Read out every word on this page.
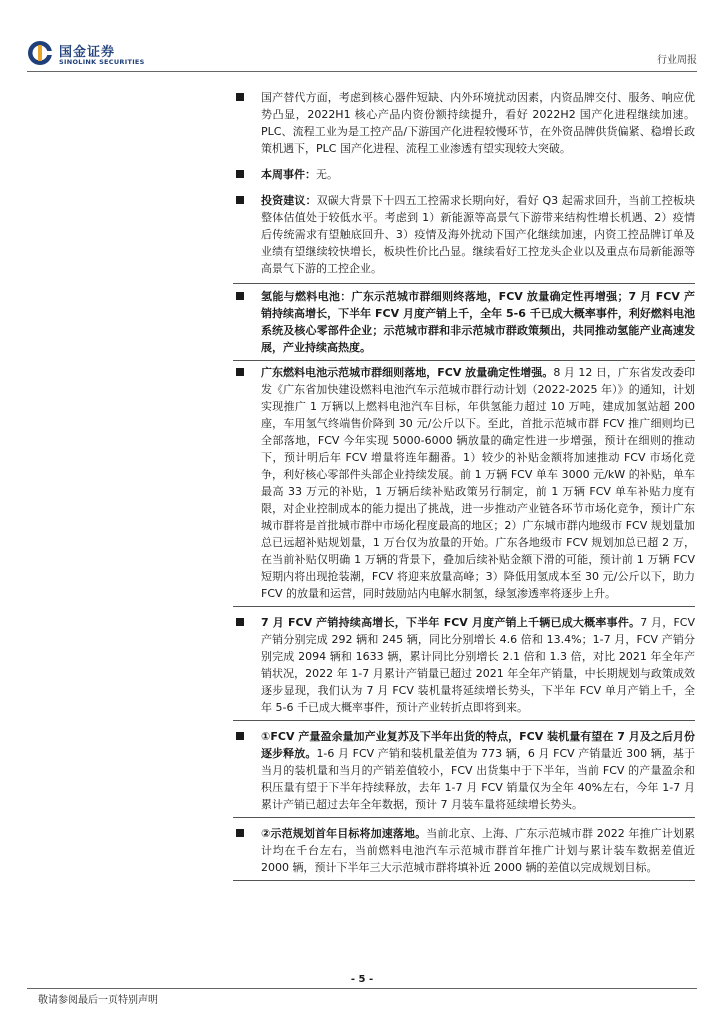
国金证券
SINOLINK SECURITIES	行业周报

国产替代方面，考虑到核心器件短缺、内外环境扰动因素，内资品牌交付、服务、响应优势凸显，2022H1 核心产品内资份额持续提升，看好 2022H2 国产化进程继续加速。PLC、流程工业为是工控产品/下游国产化进程较慢环节，在外资品牌供货偏紧、稳增长政策机遇下，PLC 国产化进程、流程工业渗透有望实现较大突破。

本周事件：无。

投资建议：双碳大背景下十四五工控需求长期向好，看好 Q3 起需求回升，当前工控板块整体估值处于较低水平。考虑到 1）新能源等高景气下游带来结构性增长机遇、2）疫情后传统需求有望触底回升、3）疫情及海外扰动下国产化继续加速，内资工控品牌订单及业绩有望继续较快增长，板块性价比凸显。继续看好工控龙头企业以及重点布局新能源等高景气下游的工控企业。

氢能与燃料电池：广东示范城市群细则终落地，FCV 放量确定性再增强；7 月 FCV 产销持续高增长，下半年 FCV 月度产销上千，全年 5-6 千已成大概率事件，利好燃料电池系统及核心零部件企业；示范城市群和非示范城市群政策频出，共同推动氢能产业高速发展，产业持续高热度。

广东燃料电池示范城市群细则落地，FCV 放量确定性增强。8 月 12 日，广东省发改委印发《广东省加快建设燃料电池汽车示范城市群行动计划（2022-2025 年）》的通知，计划实现推广 1 万辆以上燃料电池汽车目标，年供氢能力超过 10 万吨，建成加氢站超 200 座，车用氢气终端售价降到 30 元/公斤以下。至此，首批示范城市群 FCV 推广细则均已全部落地，FCV 今年实现 5000-6000 辆放量的确定性进一步增强，预计在细则的推动下，预计明后年 FCV 增量将连年翻番。1）较少的补贴金额将加速推动 FCV 市场化竞争，利好核心零部件头部企业持续发展。前 1 万辆 FCV 单车 3000 元/kW 的补贴，单车最高 33 万元的补贴，1 万辆后续补贴政策另行制定，前 1 万辆 FCV 单车补贴力度有限，对企业控制成本的能力提出了挑战，进一步推动产业链各环节市场化竞争，预计广东城市群将是首批城市群中市场化程度最高的地区；2）广东城市群内地级市 FCV 规划量加总已远超补贴规划量，1 万台仅为放量的开始。广东各地级市 FCV 规划加总已超 2 万，在当前补贴仅明确 1 万辆的背景下，叠加后续补贴金额下滑的可能，预计前 1 万辆 FCV 短期内将出现抢装潮，FCV 将迎来放量高峰；3）降低用氢成本至 30 元/公斤以下，助力 FCV 的放量和运营，同时鼓励站内电解水制氢，绿氢渗透率将逐步上升。

7 月 FCV 产销持续高增长，下半年 FCV 月度产销上千辆已成大概率事件。7 月，FCV 产销分别完成 292 辆和 245 辆，同比分别增长 4.6 倍和 13.4%；1-7 月，FCV 产销分别完成 2094 辆和 1633 辆，累计同比分别增长 2.1 倍和 1.3 倍，对比 2021 年全年产销状况，2022 年 1-7 月累计产销量已超过 2021 年全年产销量，中长期规划与政策成效逐步显现，我们认为 7 月 FCV 装机量将延续增长势头，下半年 FCV 单月产销上千，全年 5-6 千已成大概率事件，预计产业转折点即将到来。

①FCV 产量盈余量加产业复苏及下半年出货的特点，FCV 装机量有望在 7 月及之后月份逐步释放。1-6 月 FCV 产销和装机量差值为 773 辆，6 月 FCV 产销量近 300 辆，基于当月的装机量和当月的产销差值较小，FCV 出货集中于下半年，当前 FCV 的产量盈余和积压量有望于下半年持续释放，去年 1-7 月 FCV 销量仅为全年 40%左右，今年 1-7 月累计产销已超过去年全年数据，预计 7 月装车量将延续增长势头。

②示范规划首年目标将加速落地。当前北京、上海、广东示范城市群 2022 年推广计划累计均在千台左右，当前燃料电池汽车示范城市群首年推广计划与累计装车数据差值近 2000 辆，预计下半年三大示范城市群将填补近 2000 辆的差值以完成规划目标。

- 5 -
敬请参阅最后一页特别声明
